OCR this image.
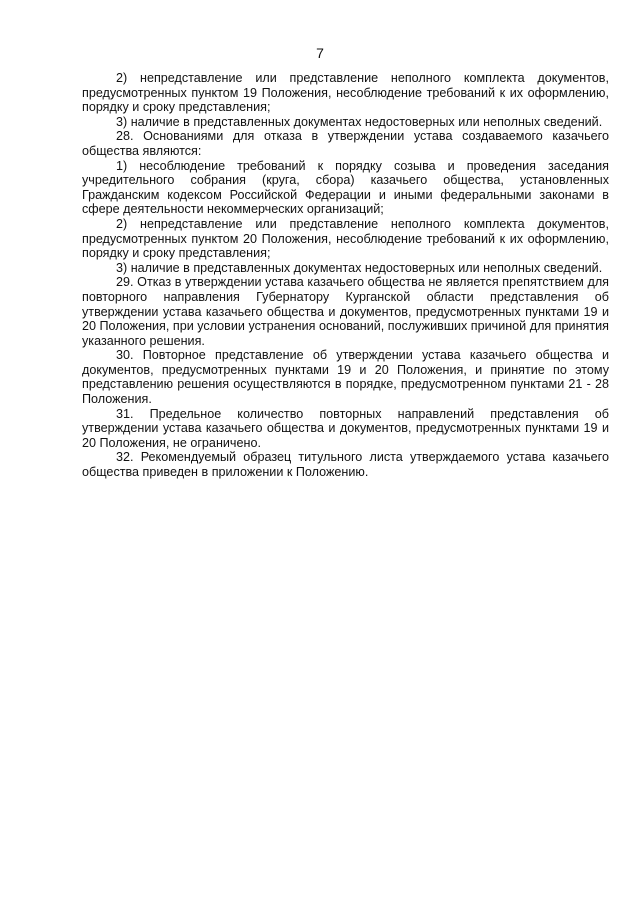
7

2) непредставление или представление неполного комплекта документов, предусмотренных пунктом 19 Положения, несоблюдение требований к их оформлению, порядку и сроку представления;

3) наличие в представленных документах недостоверных или неполных сведений.

28. Основаниями для отказа в утверждении устава создаваемого казачьего общества являются:

1) несоблюдение требований к порядку созыва и проведения заседания учредительного собрания (круга, сбора) казачьего общества, установленных Гражданским кодексом Российской Федерации и иными федеральными законами в сфере деятельности некоммерческих организаций;

2) непредставление или представление неполного комплекта документов, предусмотренных пунктом 20 Положения, несоблюдение требований к их оформлению, порядку и сроку представления;

3) наличие в представленных документах недостоверных или неполных сведений.

29. Отказ в утверждении устава казачьего общества не является препятствием для повторного направления Губернатору Курганской области представления об утверждении устава казачьего общества и документов, предусмотренных пунктами 19 и 20 Положения, при условии устранения оснований, послуживших причиной для принятия указанного решения.

30. Повторное представление об утверждении устава казачьего общества и документов, предусмотренных пунктами 19 и 20 Положения, и принятие по этому представлению решения осуществляются в порядке, предусмотренном пунктами 21 - 28 Положения.

31. Предельное количество повторных направлений представления об утверждении устава казачьего общества и документов, предусмотренных пунктами 19 и 20 Положения, не ограничено.

32. Рекомендуемый образец титульного листа утверждаемого устава казачьего общества приведен в приложении к Положению.
